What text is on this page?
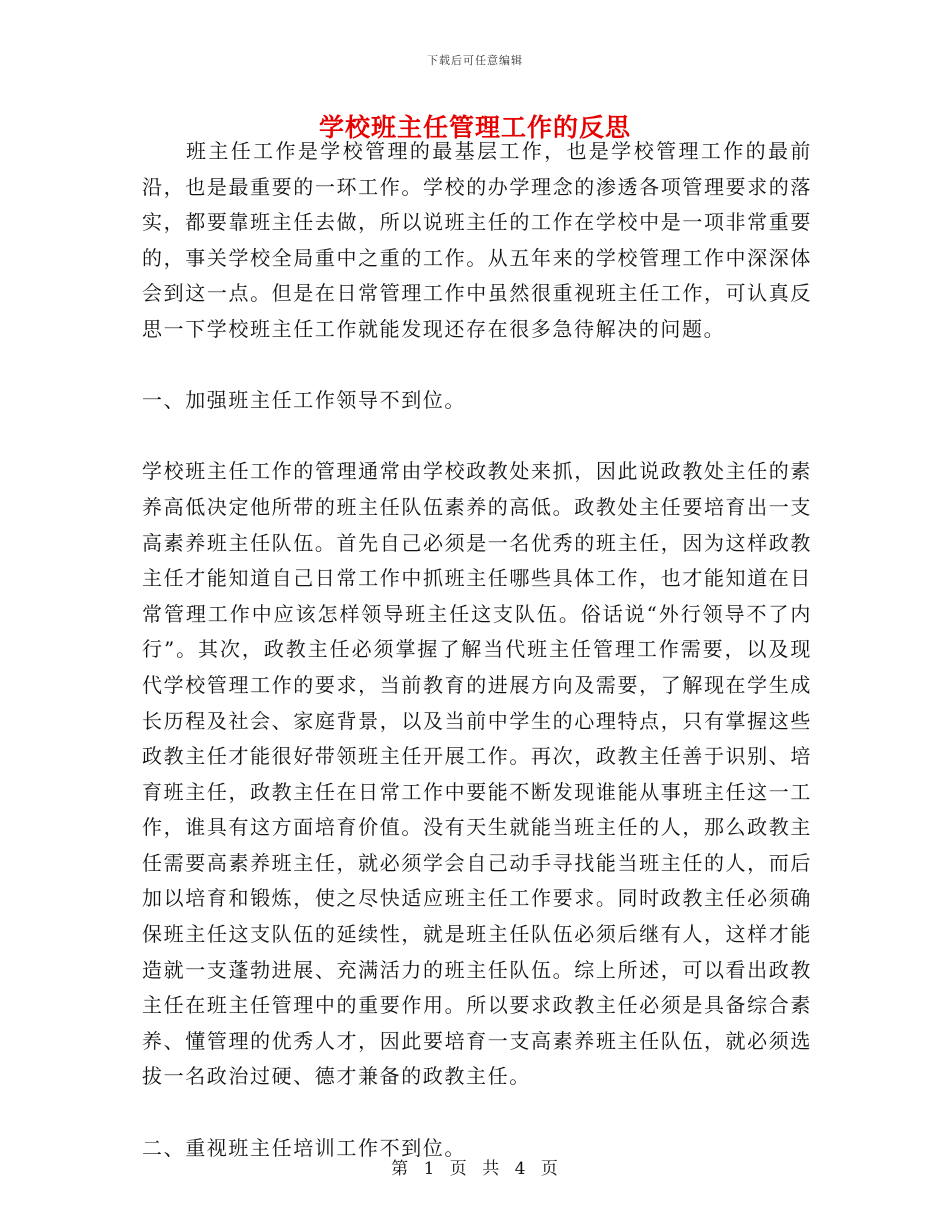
下载后可任意编辑
学校班主任管理工作的反思

班主任工作是学校管理的最基层工作，也是学校管理工作的最前沿，也是最重要的一环工作。学校的办学理念的渗透各项管理要求的落实，都要靠班主任去做，所以说班主任的工作在学校中是一项非常重要的，事关学校全局重中之重的工作。从五年来的学校管理工作中深深体会到这一点。但是在日常管理工作中虽然很重视班主任工作，可认真反思一下学校班主任工作就能发现还存在很多急待解决的问题。

一、加强班主任工作领导不到位。

学校班主任工作的管理通常由学校政教处来抓，因此说政教处主任的素养高低决定他所带的班主任队伍素养的高低。政教处主任要培育出一支高素养班主任队伍。首先自己必须是一名优秀的班主任，因为这样政教主任才能知道自己日常工作中抓班主任哪些具体工作，也才能知道在日常管理工作中应该怎样领导班主任这支队伍。俗话说“外行领导不了内行”。其次，政教主任必须掌握了解当代班主任管理工作需要，以及现代学校管理工作的要求，当前教育的进展方向及需要，了解现在学生成长历程及社会、家庭背景，以及当前中学生的心理特点，只有掌握这些政教主任才能很好带领班主任开展工作。再次，政教主任善于识别、培育班主任，政教主任在日常工作中要能不断发现谁能从事班主任这一工作，谁具有这方面培育价值。没有天生就能当班主任的人，那么政教主任需要高素养班主任，就必须学会自己动手寻找能当班主任的人，而后加以培育和锻炼，使之尽快适应班主任工作要求。同时政教主任必须确保班主任这支队伍的延续性，就是班主任队伍必须后继有人，这样才能造就一支蓬勃进展、充满活力的班主任队伍。综上所述，可以看出政教主任在班主任管理中的重要作用。所以要求政教主任必须是具备综合素养、懂管理的优秀人才，因此要培育一支高素养班主任队伍，就必须选拔一名政治过硬、德才兼备的政教主任。

二、重视班主任培训工作不到位。

第 1 页 共 4 页
